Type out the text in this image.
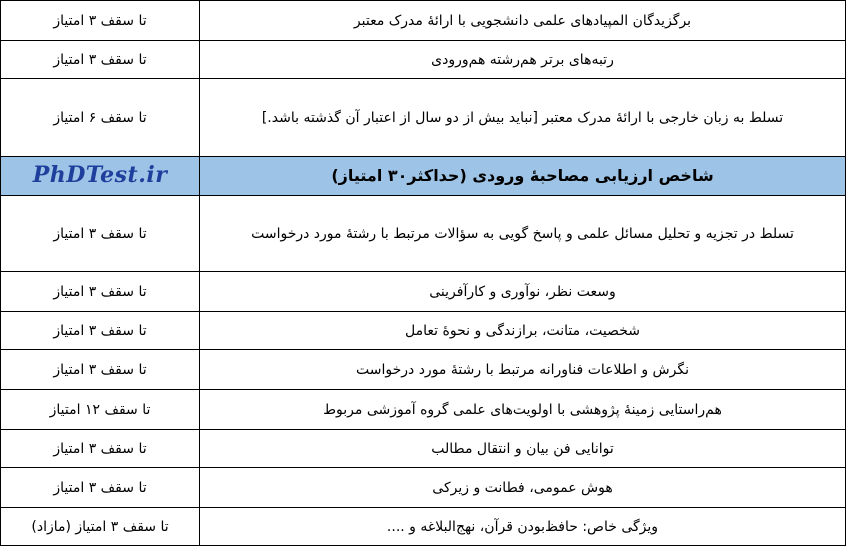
برگزیدگان المپیادهای علمی دانشجویی با ارائهٔ مدرک معتبر	تا سقف ۳ امتیاز
رتبه‌های برتر هم‌رشته هم‌ورودی	تا سقف ۳ امتیاز
تسلط به زبان خارجی با ارائهٔ مدرک معتبر [نباید بیش از دو سال از اعتبار آن گذشته باشد.]	تا سقف ۶ امتیاز
شاخص ارزیابی مصاحبهٔ ورودی (حداکثر۳۰ امتیاز)	PhDTest.ir
تسلط در تجزیه و تحلیل مسائل علمی و پاسخ گویی به سؤالات مرتبط با رشتهٔ مورد درخواست	تا سقف ۳ امتیاز
وسعت نظر، نوآوری و کارآفرینی	تا سقف ۳ امتیاز
شخصیت، متانت، برازندگی و نحوهٔ تعامل	تا سقف ۳ امتیاز
نگرش و اطلاعات فناورانه مرتبط با رشتهٔ مورد درخواست	تا سقف ۳ امتیاز
هم‌راستایی زمینهٔ پژوهشی با اولویت‌های علمی گروه آموزشی مربوط	تا سقف ۱۲ امتیاز
توانایی فن بیان و انتقال مطالب	تا سقف ۳ امتیاز
هوش عمومی، فطانت و زیرکی	تا سقف ۳ امتیاز
ویژگی خاص: حافظ‌بودن قرآن، نهج‌البلاغه و ....	تا سقف ۳ امتیاز (مازاد)
